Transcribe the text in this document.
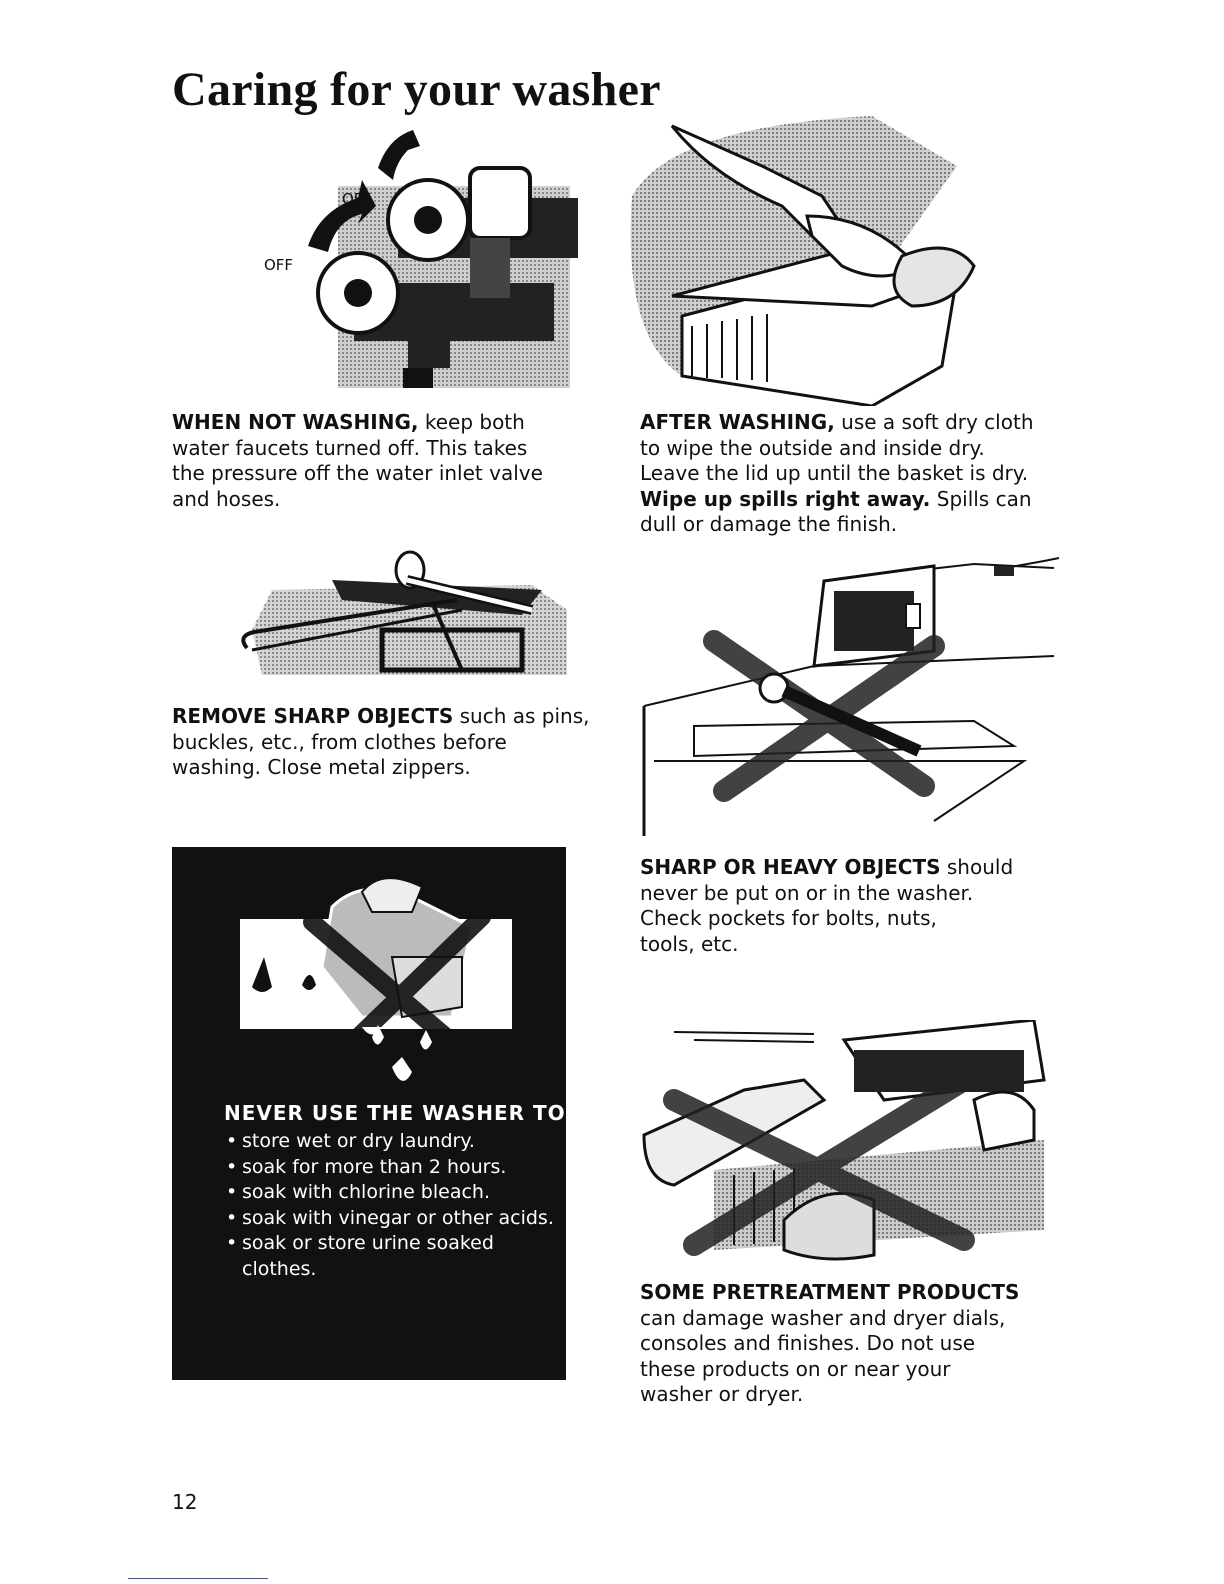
Caring for your washer
OFF
OFF

WHEN NOT WASHING, keep both
water faucets turned off. This takes
the pressure off the water inlet valve
and hoses.

AFTER WASHING, use a soft dry cloth
to wipe the outside and inside dry.
Leave the lid up until the basket is dry.
Wipe up spills right away. Spills can
dull or damage the finish.

REMOVE SHARP OBJECTS such as pins,
buckles, etc., from clothes before
washing. Close metal zippers.

NEVER USE THE WASHER TO...

• store wet or dry laundry.
• soak for more than 2 hours.
• soak with chlorine bleach.
• soak with vinegar or other acids.
• soak or store urine soaked clothes.

SHARP OR HEAVY OBJECTS should
never be put on or in the washer.
Check pockets for bolts, nuts,
tools, etc.

SOME PRETREATMENT PRODUCTS
can damage washer and dryer dials,
consoles and finishes. Do not use
these products on or near your
washer or dryer.

12
